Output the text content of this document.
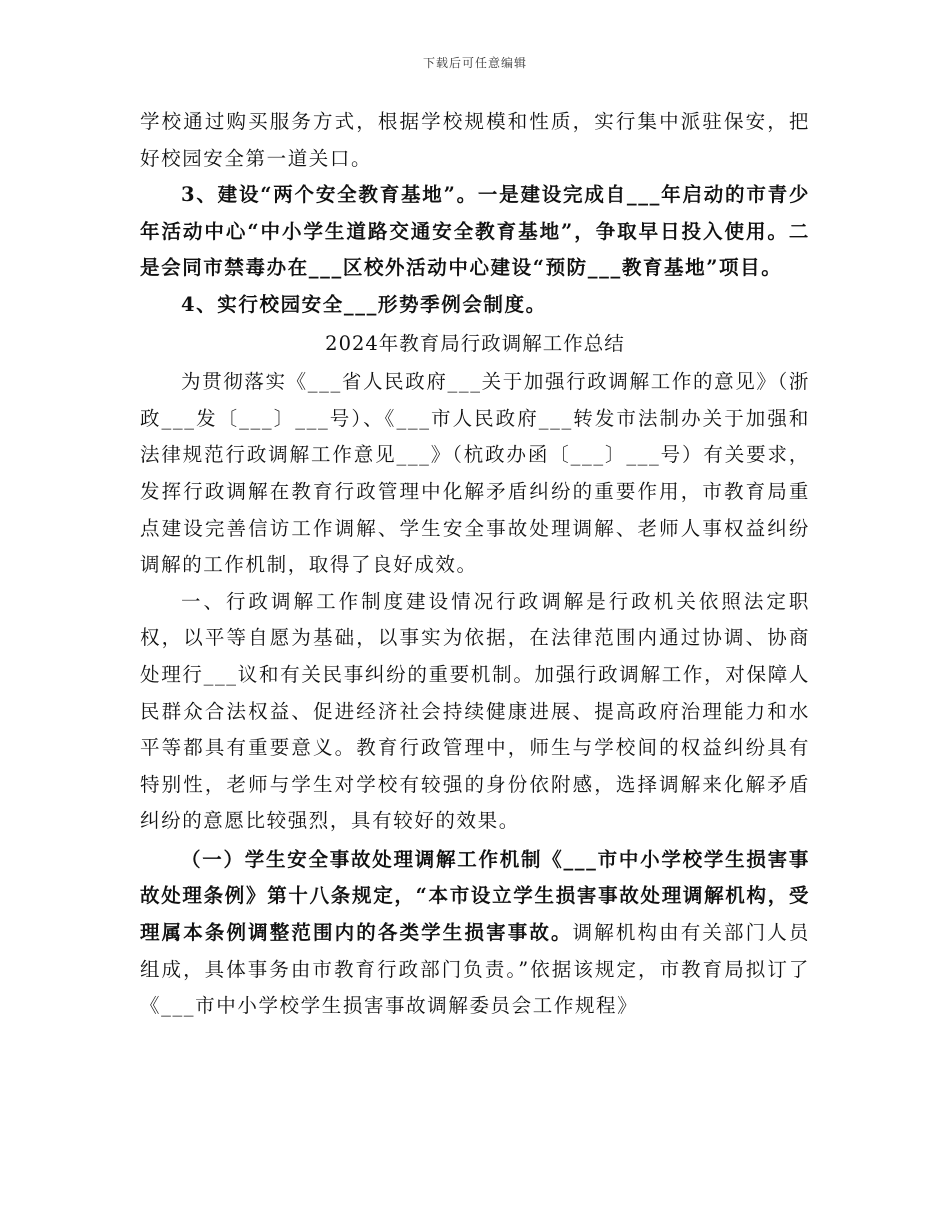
下载后可任意编辑

学校通过购买服务方式，根据学校规模和性质，实行集中派驻保安，把好校园安全第一道关口。

3、建设“两个安全教育基地”。一是建设完成自___年启动的市青少年活动中心“中小学生道路交通安全教育基地”，争取早日投入使用。二是会同市禁毒办在___区校外活动中心建设“预防___教育基地”项目。

4、实行校园安全___形势季例会制度。

2024年教育局行政调解工作总结

为贯彻落实《___省人民政府___关于加强行政调解工作的意见》（浙政___发〔___〕___号）、《___市人民政府___转发市法制办关于加强和法律规范行政调解工作意见___》（杭政办函〔___〕___号）有关要求，发挥行政调解在教育行政管理中化解矛盾纠纷的重要作用，市教育局重点建设完善信访工作调解、学生安全事故处理调解、老师人事权益纠纷调解的工作机制，取得了良好成效。

一、行政调解工作制度建设情况行政调解是行政机关依照法定职权，以平等自愿为基础，以事实为依据，在法律范围内通过协调、协商处理行___议和有关民事纠纷的重要机制。加强行政调解工作，对保障人民群众合法权益、促进经济社会持续健康进展、提高政府治理能力和水平等都具有重要意义。教育行政管理中，师生与学校间的权益纠纷具有特别性，老师与学生对学校有较强的身份依附感，选择调解来化解矛盾纠纷的意愿比较强烈，具有较好的效果。

（一）学生安全事故处理调解工作机制《___市中小学校学生损害事故处理条例》第十八条规定，“本市设立学生损害事故处理调解机构，受理属本条例调整范围内的各类学生损害事故。调解机构由有关部门人员组成，具体事务由市教育行政部门负责。”依据该规定，市教育局拟订了《___市中小学校学生损害事故调解委员会工作规程》
